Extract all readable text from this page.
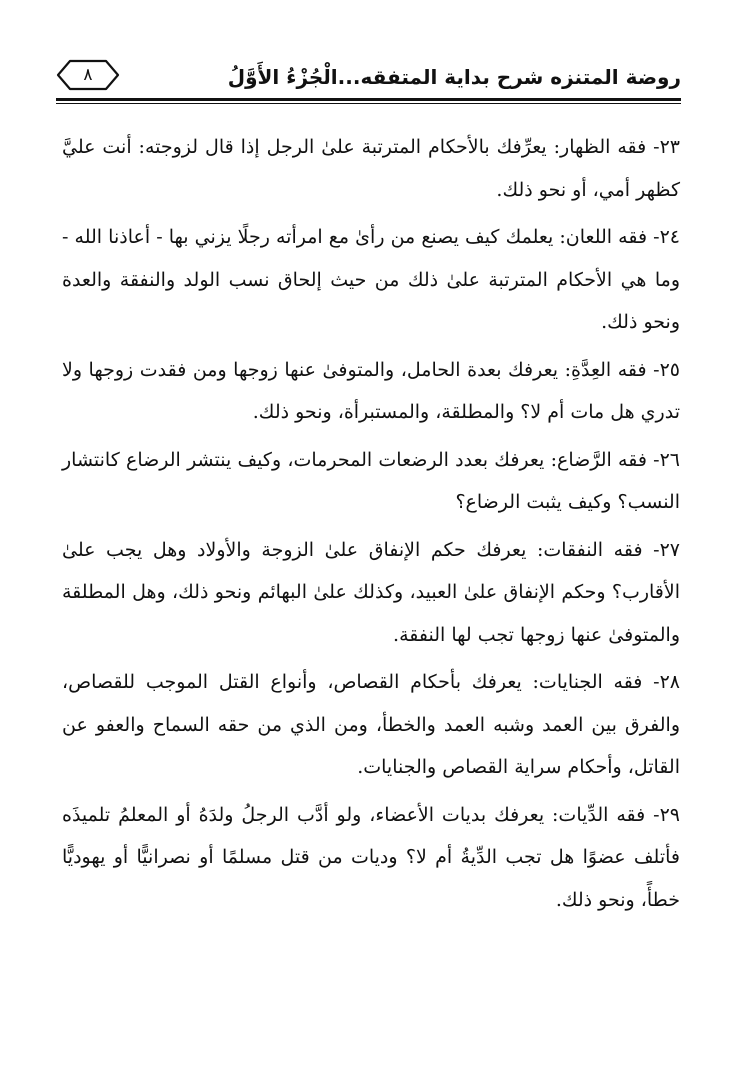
روضة المتنزه شرح بداية المتفقه...الْجُزْءُ الأَوَّلُ
٨

٢٣- فقه الظهار: يعرِّفك بالأحكام المترتبة علىٰ الرجل إذا قال لزوجته: أنت عليَّ كظهر أمي، أو نحو ذلك.

٢٤- فقه اللعان: يعلمك كيف يصنع من رأىٰ مع امرأته رجلًا يزني بها - أعاذنا الله - وما هي الأحكام المترتبة علىٰ ذلك من حيث إلحاق نسب الولد والنفقة والعدة ونحو ذلك.

٢٥- فقه العِدَّةِ: يعرفك بعدة الحامل، والمتوفىٰ عنها زوجها ومن فقدت زوجها ولا تدري هل مات أم لا؟ والمطلقة، والمستبرأة، ونحو ذلك.

٢٦- فقه الرَّضاع: يعرفك بعدد الرضعات المحرمات، وكيف ينتشر الرضاع كانتشار النسب؟ وكيف يثبت الرضاع؟

٢٧- فقه النفقات: يعرفك حكم الإنفاق علىٰ الزوجة والأولاد وهل يجب علىٰ الأقارب؟ وحكم الإنفاق علىٰ العبيد، وكذلك علىٰ البهائم ونحو ذلك، وهل المطلقة والمتوفىٰ عنها زوجها تجب لها النفقة.

٢٨- فقه الجنايات: يعرفك بأحكام القصاص، وأنواع القتل الموجب للقصاص، والفرق بين العمد وشبه العمد والخطأ، ومن الذي من حقه السماح والعفو عن القاتل، وأحكام سراية القصاص والجنايات.

٢٩- فقه الدِّيات: يعرفك بديات الأعضاء، ولو أدَّب الرجلُ ولدَهُ أو المعلمُ تلميذَه فأتلف عضوًا هل تجب الدِّيةُ أم لا؟ وديات من قتل مسلمًا أو نصرانيًّا أو يهوديًّا خطأً، ونحو ذلك.
